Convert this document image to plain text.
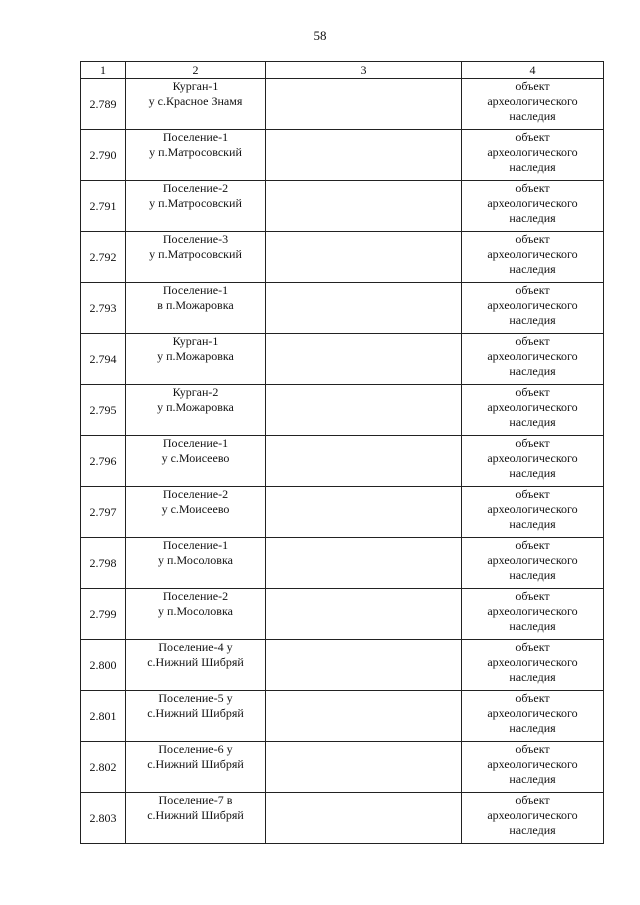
58
1	2	3	4
2.789	Курган-1
у с.Красное Знамя		объект
археологического
наследия

2.790	Поселение-1
у п.Матросовский		объект
археологического
наследия

2.791	Поселение-2
у п.Матросовский		объект
археологического
наследия

2.792	Поселение-3
у п.Матросовский		объект
археологического
наследия

2.793	Поселение-1
в п.Можаровка		объект
археологического
наследия

2.794	Курган-1
у п.Можаровка		объект
археологического
наследия

2.795	Курган-2
у п.Можаровка		объект
археологического
наследия

2.796	Поселение-1
у с.Моисеево		объект
археологического
наследия

2.797	Поселение-2
у с.Моисеево		объект
археологического
наследия

2.798	Поселение-1
у п.Мосоловка		объект
археологического
наследия

2.799	Поселение-2
у п.Мосоловка		объект
археологического
наследия

2.800	Поселение-4 у
с.Нижний Шибряй		объект
археологического
наследия

2.801	Поселение-5 у
с.Нижний Шибряй		объект
археологического
наследия

2.802	Поселение-6 у
с.Нижний Шибряй		объект
археологического
наследия

2.803	Поселение-7 в
с.Нижний Шибряй		объект
археологического
наследия
